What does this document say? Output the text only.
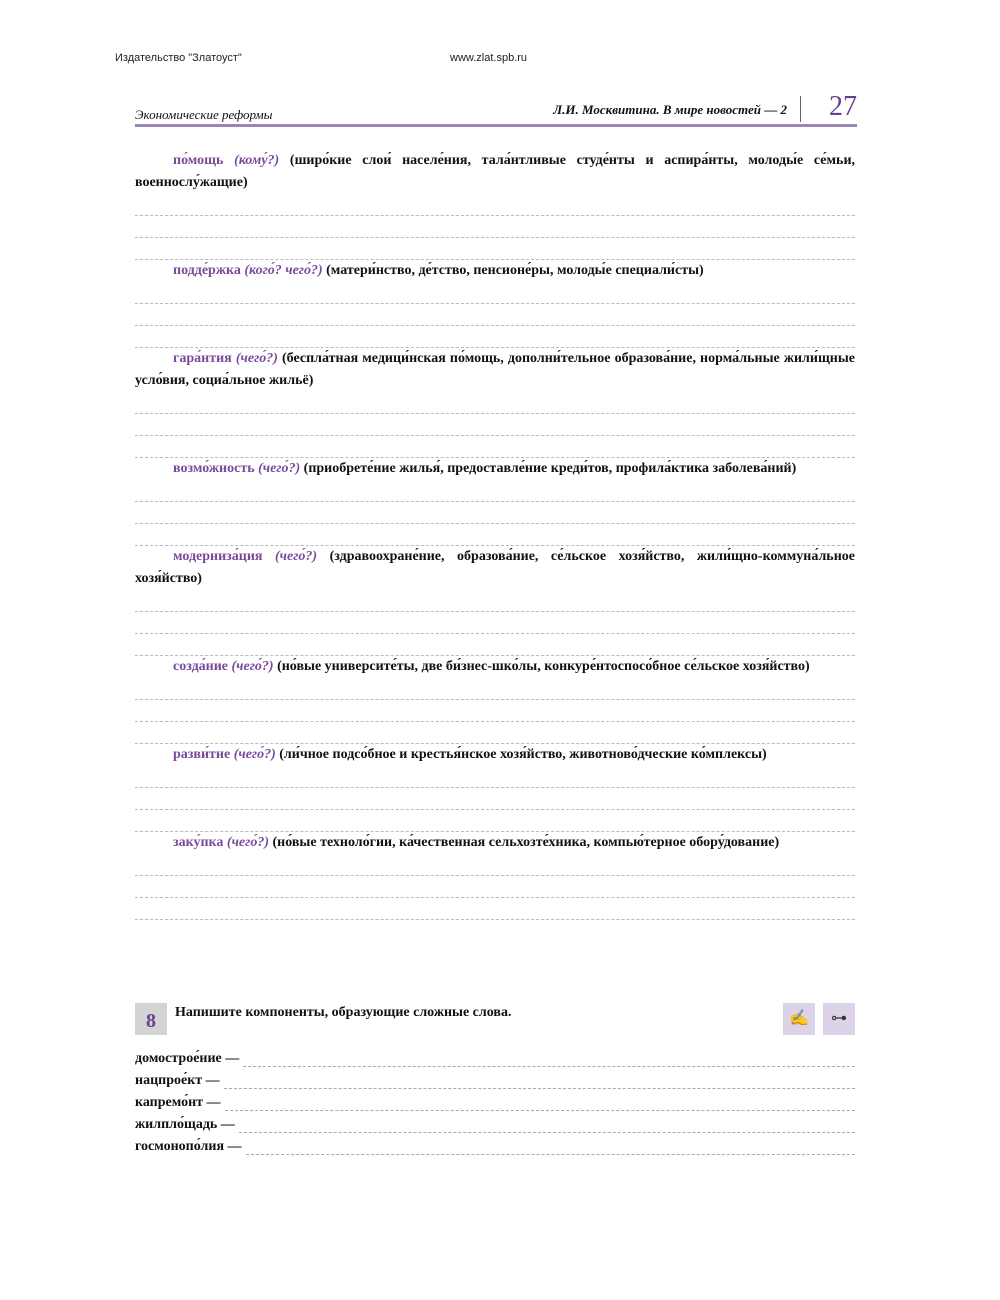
Издательство "Златоуст"	www.zlat.spb.ru
Экономические реформы	Л.И. Москвитина. В мире новостей — 2 27
по́мощь (кому́?) (широ́кие слои́ населе́ния, тала́нтливые студе́нты и аспира́нты, молоды́е се́мьи, военнослу́жащие)
подде́ржка (кого́? чего́?) (матери́нство, де́тство, пенсионе́ры, молоды́е специали́сты)
гара́нтия (чего́?) (беспла́тная медици́нская по́мощь, дополни́тельное образова́ние, норма́льные жили́щные усло́вия, социа́льное жильё)
возмо́жность (чего́?) (приобрете́ние жилья́, предоставле́ние креди́тов, профила́ктика заболева́ний)
модерниза́ция (чего́?) (здравоохране́ние, образова́ние, се́льское хозя́йство, жили́щно-коммуна́льное хозя́йство)
созда́ние (чего́?) (но́вые университе́ты, две би́знес-шко́лы, конкуре́нтоспосо́бное се́льское хозя́йство)
разви́тие (чего́?) (ли́чное подсо́бное и крестья́нское хозя́йство, животново́дческие ко́мплексы)
заку́пка (чего́?) (но́вые техноло́гии, ка́чественная сельхозте́хника, компью́терное обору́дование)
8	Напишите компоненты, образующие сложные слова.	✍	⊶
домострое́ние —
нацпрое́кт —
капремо́нт —
жилпло́щадь —
госмонопо́лия —
